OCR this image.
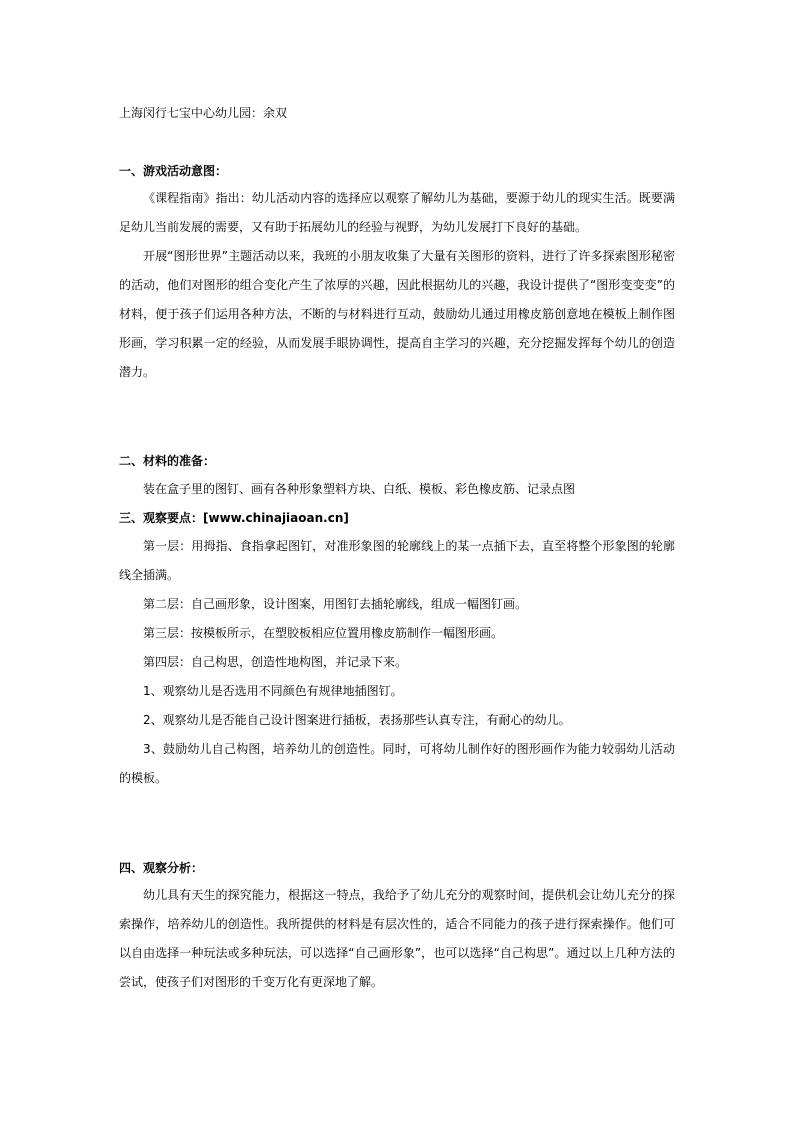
上海闵行七宝中心幼儿园：余双
一、游戏活动意图：
《课程指南》指出：幼儿活动内容的选择应以观察了解幼儿为基础，要源于幼儿的现实生活。既要满足幼儿当前发展的需要，又有助于拓展幼儿的经验与视野，为幼儿发展打下良好的基础。
开展“图形世界”主题活动以来，我班的小朋友收集了大量有关图形的资料，进行了许多探索图形秘密的活动，他们对图形的组合变化产生了浓厚的兴趣，因此根据幼儿的兴趣，我设计提供了“图形变变变”的材料，便于孩子们运用各种方法，不断的与材料进行互动，鼓励幼儿通过用橡皮筋创意地在模板上制作图形画，学习积累一定的经验，从而发展手眼协调性，提高自主学习的兴趣，充分挖掘发挥每个幼儿的创造潜力。
二、材料的准备：
装在盒子里的图钉、画有各种形象塑料方块、白纸、模板、彩色橡皮筋、记录点图
三、观察要点：[www.chinajiaoan.cn]
第一层：用拇指、食指拿起图钉，对准形象图的轮廓线上的某一点插下去，直至将整个形象图的轮廓线全插满。
第二层：自己画形象，设计图案，用图钉去插轮廓线，组成一幅图钉画。
第三层：按模板所示，在塑胶板相应位置用橡皮筋制作一幅图形画。
第四层：自己构思，创造性地构图，并记录下来。
1、观察幼儿是否选用不同颜色有规律地插图钉。
2、观察幼儿是否能自己设计图案进行插板，表扬那些认真专注，有耐心的幼儿。
3、鼓励幼儿自己构图，培养幼儿的创造性。同时，可将幼儿制作好的图形画作为能力较弱幼儿活动的模板。
四、观察分析：
幼儿具有天生的探究能力，根据这一特点，我给予了幼儿充分的观察时间，提供机会让幼儿充分的探索操作，培养幼儿的创造性。我所提供的材料是有层次性的，适合不同能力的孩子进行探索操作。他们可以自由选择一种玩法或多种玩法，可以选择“自己画形象”，也可以选择“自己构思”。通过以上几种方法的尝试，使孩子们对图形的千变万化有更深地了解。
